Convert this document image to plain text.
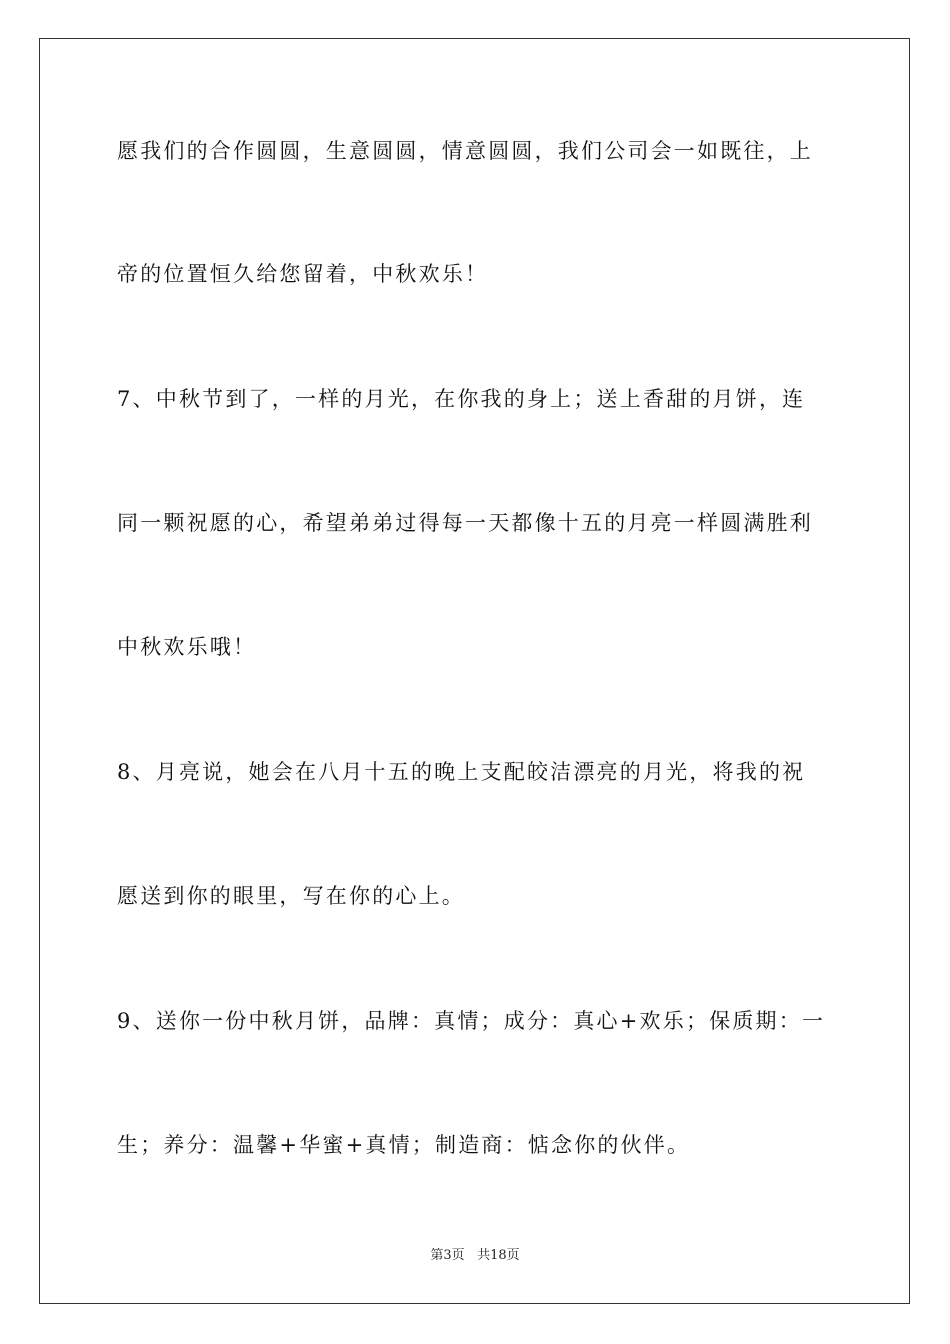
愿我们的合作圆圆，生意圆圆，情意圆圆，我们公司会一如既往，上
帝的位置恒久给您留着，中秋欢乐！
7、中秋节到了，一样的月光，在你我的身上；送上香甜的月饼，连
同一颗祝愿的心，希望弟弟过得每一天都像十五的月亮一样圆满胜利
中秋欢乐哦！
8、月亮说，她会在八月十五的晚上支配皎洁漂亮的月光，将我的祝
愿送到你的眼里，写在你的心上。
9、送你一份中秋月饼，品牌：真情；成分：真心+欢乐；保质期：一
生；养分：温馨+华蜜+真情；制造商：惦念你的伙伴。
第3页 共18页
